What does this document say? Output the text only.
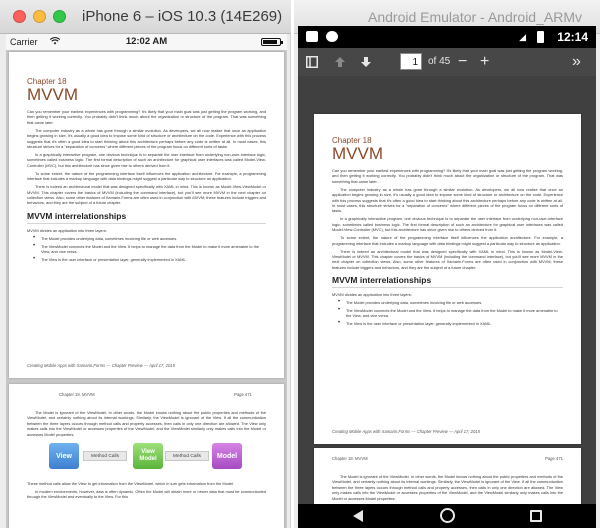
iPhone 6 – iOS 10.3 (14E269)
Carrier	12:02 AM
Chapter 18
MVVM

Can you remember your earliest experiences with programming? It's likely that your main goal was just getting the program working, and then getting it working correctly. You probably didn't think much about the organization or structure of the program. That was something that came later.

The computer industry as a whole has gone through a similar evolution. As developers, we all now realize that once an application begins growing in size, it's usually a good idea to impose some kind of structure or architecture on the code. Experience with this process suggests that it's often a good idea to start thinking about this architecture perhaps before any code is written at all. In most cases, this structure strives for a "separation of concerns" where different pieces of the program focus on different sorts of tasks.

In a graphically interactive program, one obvious technique is to separate the user interface from underlying non-user-interface logic, sometimes called business logic. The first formal description of such an architecture for graphical user interfaces was called Model-View-Controller (MVC), but this architecture has since given rise to others derived from it.

To some extent, the nature of the programming interface itself influences the application architecture. For example, a programming interface that includes a markup language with data bindings might suggest a particular way to structure an application.

There is indeed an architectural model that was designed specifically with XAML in mind. This is known as Model-View-ViewModel or MVVM. This chapter covers the basics of MVVM (including the command interface), but you'll see more MVVM in the next chapter on collection views. Also, some other features of Xamarin.Forms are often used in conjunction with MVVM; these features include triggers and behaviors, and they are the subject of a future chapter.

MVVM interrelationships

MVVM divides an application into three layers:

• The Model provides underlying data, sometimes involving file or web accesses.
• The ViewModel connects the Model and the View. It helps to manage the data from the Model to make it more amenable to the View, and vice versa.
• The View is the user interface or presentation layer, generally implemented in XAML.
Creating Mobile Apps with Xamarin.Forms — Chapter Preview — April 17, 2015
Chapter 18. MVVM	Page 471

The Model is ignorant of the ViewModel. In other words, the Model knows nothing about the public properties and methods of the ViewModel, and certainly nothing about its internal workings. Similarly, the ViewModel is ignorant of the View. If all the communication between the three layers occurs through method calls and property accesses, then calls in only one direction are allowed. The View only makes calls into the ViewModel or accesses properties of the ViewModel, and the ViewModel similarly only makes calls into the Model or accesses Model properties:

View	Method Calls
View Model	Method Calls	Model

These method calls allow the View to get information from the ViewModel, which in turn gets information from the Model.

In modern environments, however, data is often dynamic. Often the Model will obtain more or newer data that must be communicated through the ViewModel and eventually to the View. For this

Android Emulator - Android_ARMv
◢	12:14
1
of 45 − +	»
Chapter 18
MVVM

Can you remember your earliest experiences with programming? It's likely that your main goal was just getting the program working, and then getting it working correctly. You probably didn't think much about the organization or structure of the program. That was something that came later.

The computer industry as a whole has gone through a similar evolution. As developers, we all now realize that once an application begins growing in size, it's usually a good idea to impose some kind of structure or architecture on the code. Experience with this process suggests that it's often a good idea to start thinking about this architecture perhaps before any code is written at all. In most cases, this structure strives for a "separation of concerns" where different pieces of the program focus on different sorts of tasks.

In a graphically interactive program, one obvious technique is to separate the user interface from underlying non-user-interface logic, sometimes called business logic. The first formal description of such an architecture for graphical user interfaces was called Model-View-Controller (MVC), but this architecture has since given rise to others derived from it.

To some extent, the nature of the programming interface itself influences the application architecture. For example, a programming interface that includes a markup language with data bindings might suggest a particular way to structure an application.

There is indeed an architectural model that was designed specifically with XAML in mind. This is known as Model-View-ViewModel or MVVM. This chapter covers the basics of MVVM (including the command interface), but you'll see more MVVM in the next chapter on collection views. Also, some other features of Xamarin.Forms are often used in conjunction with MVVM; these features include triggers and behaviors, and they are the subject of a future chapter.

MVVM interrelationships

MVVM divides an application into three layers:

• The Model provides underlying data, sometimes involving file or web accesses.
• The ViewModel connects the Model and the View. It helps to manage the data from the Model to make it more amenable to the View, and vice versa.
• The View is the user interface or presentation layer, generally implemented in XAML.
Creating Mobile Apps with Xamarin.Forms — Chapter Preview — April 17, 2015
Chapter 18. MVVM	Page 471

The Model is ignorant of the ViewModel. In other words, the Model knows nothing about the public properties and methods of the ViewModel, and certainly nothing about its internal workings. Similarly, the ViewModel is ignorant of the View. If all the communication between the three layers occurs through method calls and property accesses, then calls in only one direction are allowed. The View only makes calls into the ViewModel or accesses properties of the ViewModel, and the ViewModel similarly only makes calls into the Model or accesses Model properties:
